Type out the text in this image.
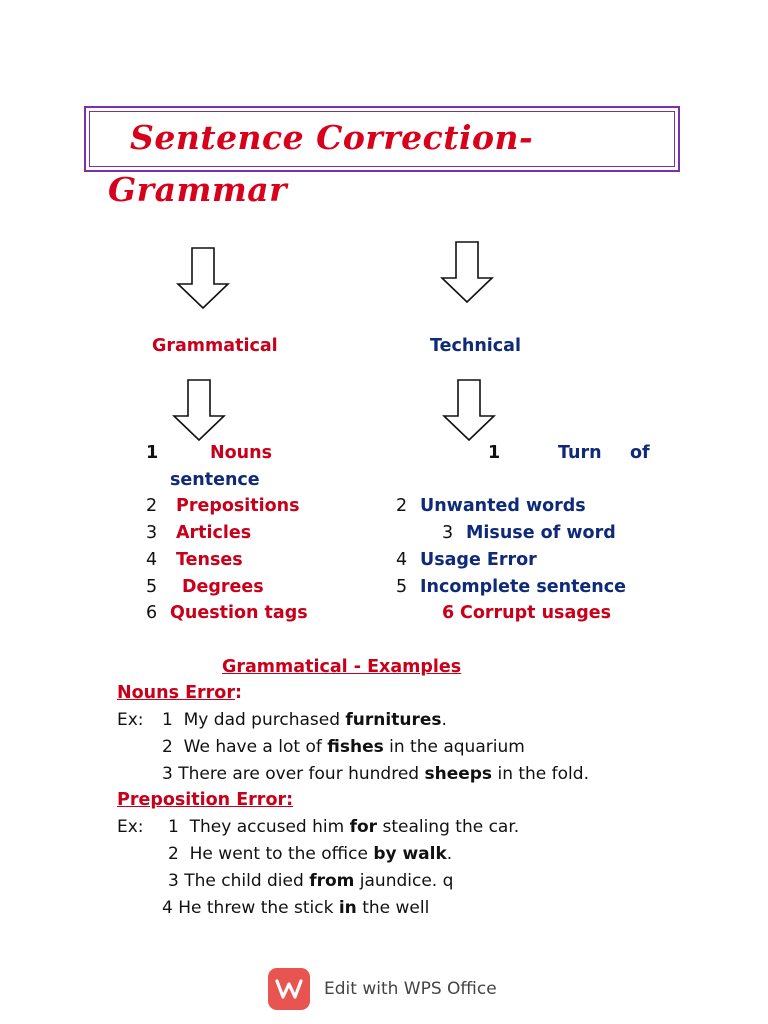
Sentence Correction-
Grammar
Grammatical	Technical
1	Nouns
2 Prepositions
3 Articles
4 Tenses
5 Degrees
6 Question tags
1	Turn of
sentence
2 Unwanted words
3 Misuse of word
4 Usage Error
5 Incomplete sentence
6 Corrupt usages
Grammatical - Examples
Nouns Error:
Ex: 1 My dad purchased furnitures.
2 We have a lot of fishes in the aquarium
3 There are over four hundred sheeps in the fold.
Preposition Error:
Ex: 1 They accused him for stealing the car.
2 He went to the office by walk.
3 The child died from jaundice. q
4 He threw the stick in the well
Edit with WPS Office
